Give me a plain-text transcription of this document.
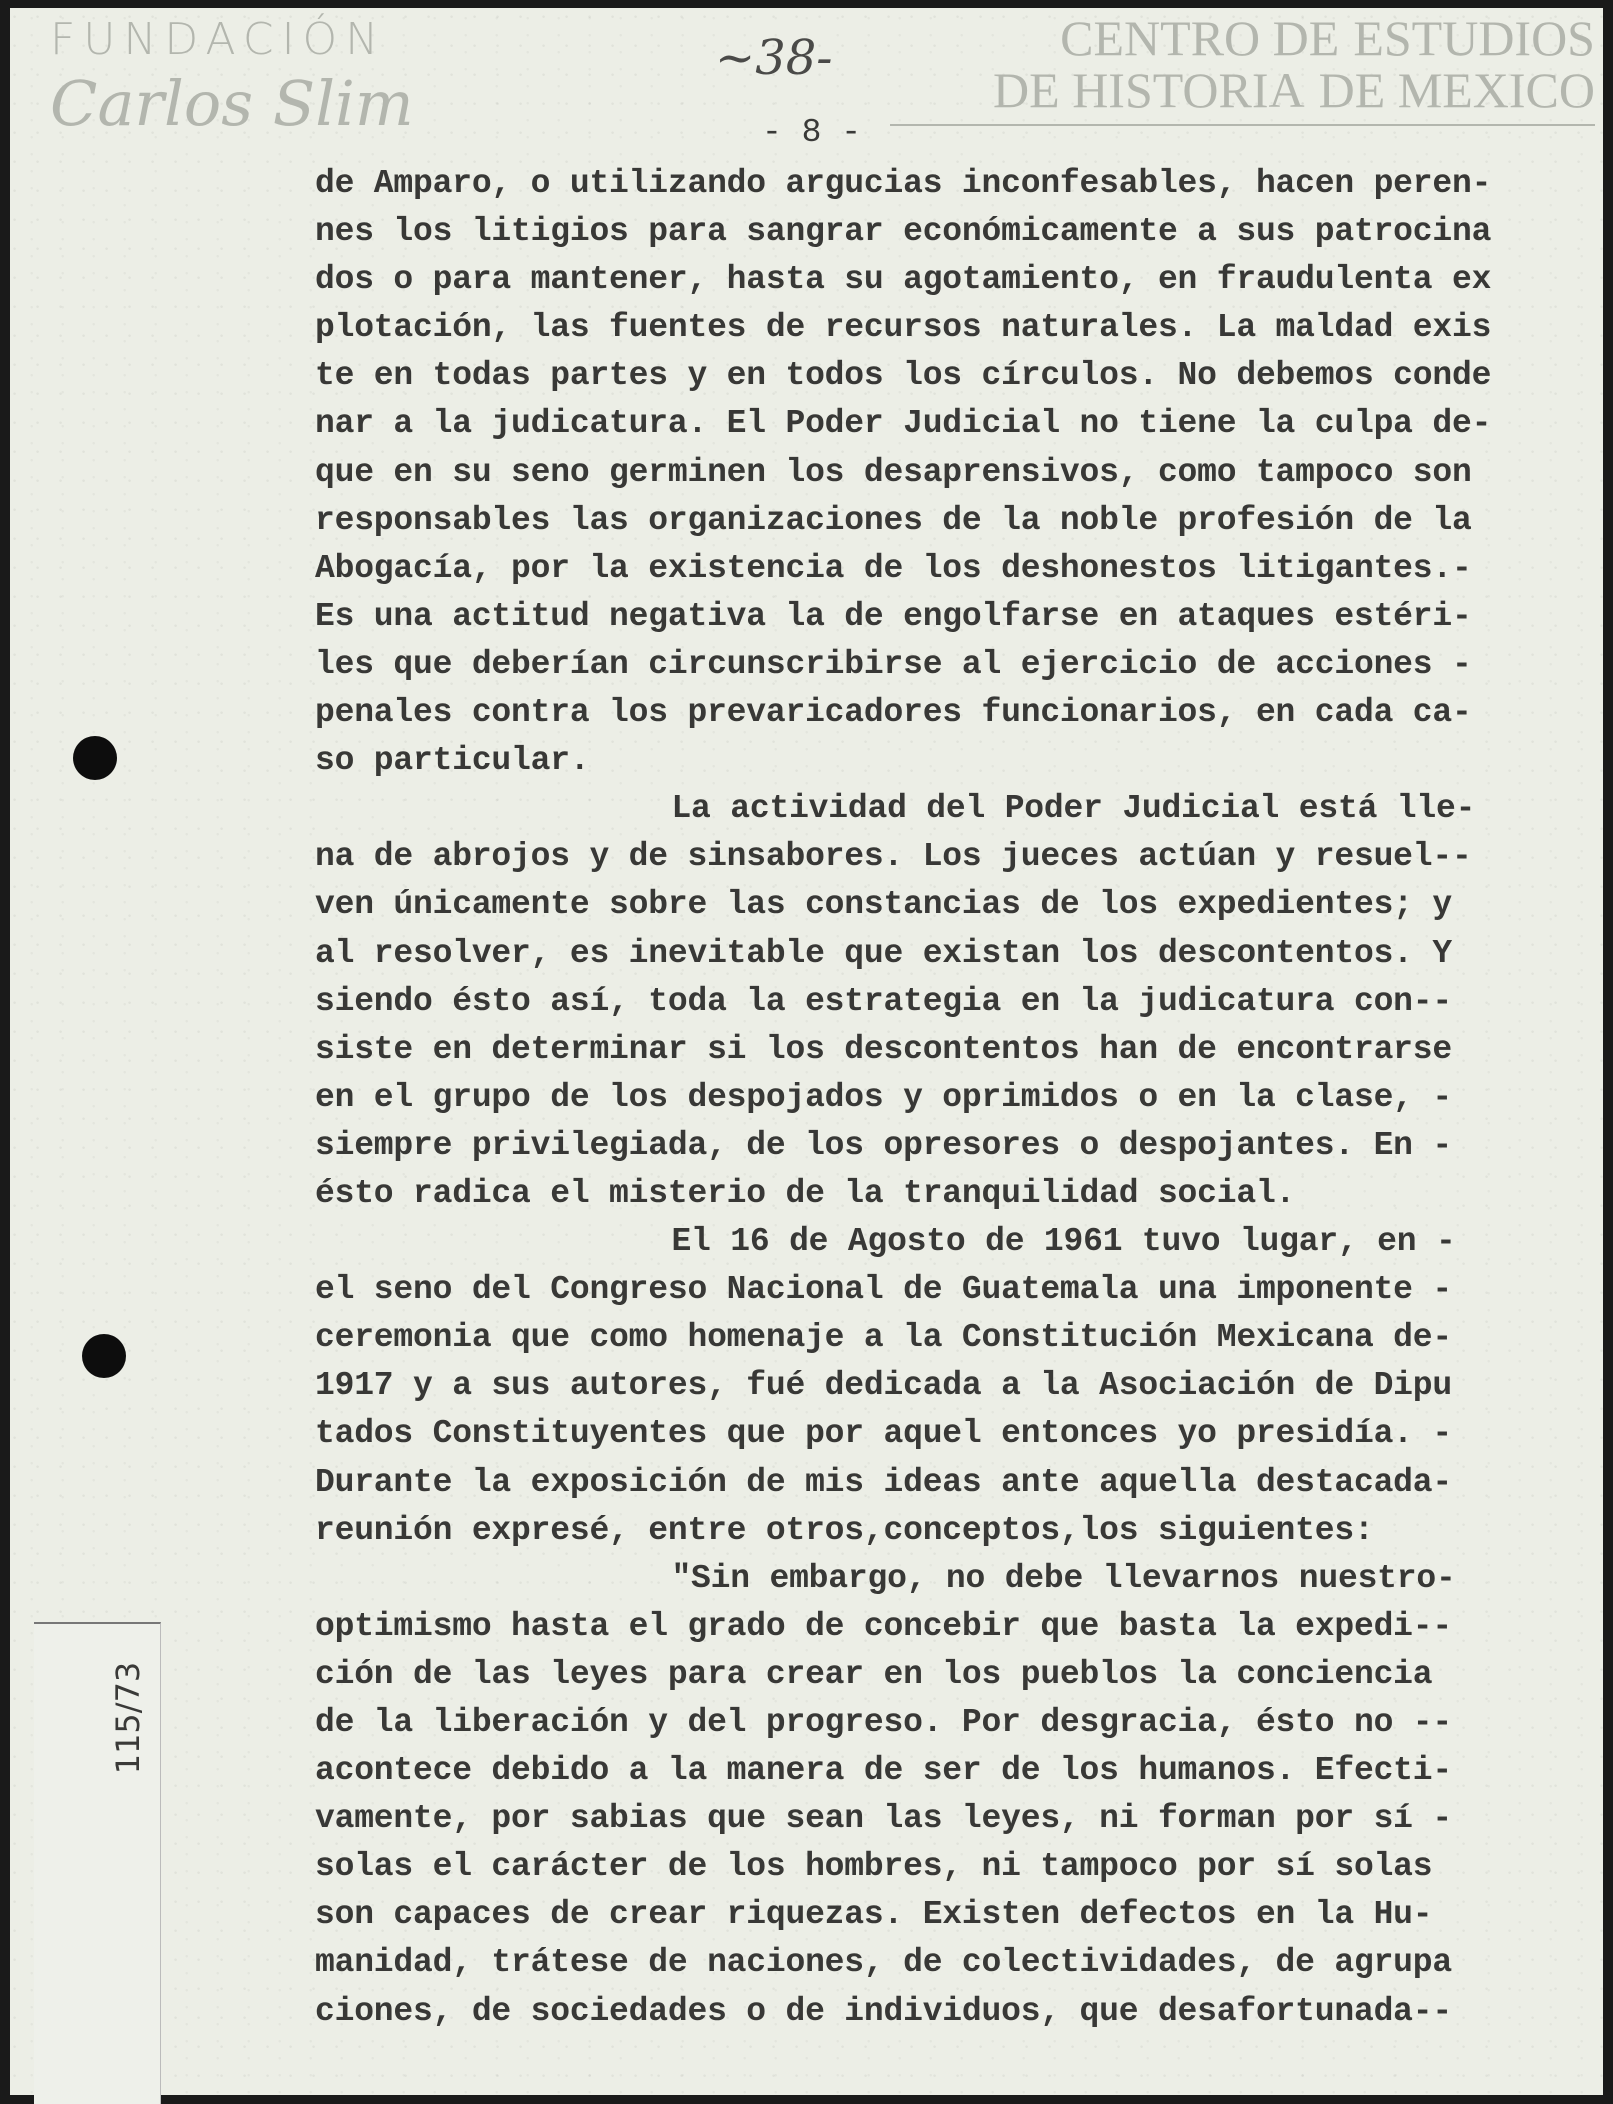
~38-
- 8 -
115/73
de Amparo, o utilizando argucias inconfesables, hacen peren-
nes los litigios para sangrar económicamente a sus patrocina
dos o para mantener, hasta su agotamiento, en fraudulenta ex
plotación, las fuentes de recursos naturales. La maldad exis
te en todas partes y en todos los círculos. No debemos conde
nar a la judicatura. El Poder Judicial no tiene la culpa de-
que en su seno germinen los desaprensivos, como tampoco son
responsables las organizaciones de la noble profesión de la
Abogacía, por la existencia de los deshonestos litigantes.-
Es una actitud negativa la de engolfarse en ataques estéri-
les que deberían circunscribirse al ejercicio de acciones -
penales contra los prevaricadores funcionarios, en cada ca-
so particular.
La actividad del Poder Judicial está lle-
na de abrojos y de sinsabores. Los jueces actúan y resuel--
ven únicamente sobre las constancias de los expedientes; y
al resolver, es inevitable que existan los descontentos. Y
siendo ésto así, toda la estrategia en la judicatura con--
siste en determinar si los descontentos han de encontrarse
en el grupo de los despojados y oprimidos o en la clase, -
siempre privilegiada, de los opresores o despojantes. En -
ésto radica el misterio de la tranquilidad social.
El 16 de Agosto de 1961 tuvo lugar, en -
el seno del Congreso Nacional de Guatemala una imponente -
ceremonia que como homenaje a la Constitución Mexicana de-
1917 y a sus autores, fué dedicada a la Asociación de Dipu
tados Constituyentes que por aquel entonces yo presidía. -
Durante la exposición de mis ideas ante aquella destacada-
reunión expresé, entre otros,conceptos,los siguientes:
"Sin embargo, no debe llevarnos nuestro-
optimismo hasta el grado de concebir que basta la expedi--
ción de las leyes para crear en los pueblos la conciencia
de la liberación y del progreso. Por desgracia, ésto no --
acontece debido a la manera de ser de los humanos. Efecti-
vamente, por sabias que sean las leyes, ni forman por sí -
solas el carácter de los hombres, ni tampoco por sí solas
son capaces de crear riquezas. Existen defectos en la Hu-
manidad, trátese de naciones, de colectividades, de agrupa
ciones, de sociedades o de individuos, que desafortunada--
CENTRO DE ESTUDIOS
DE HISTORIA DE MEXICO
FUNDACIÓN
Carlos Slim
